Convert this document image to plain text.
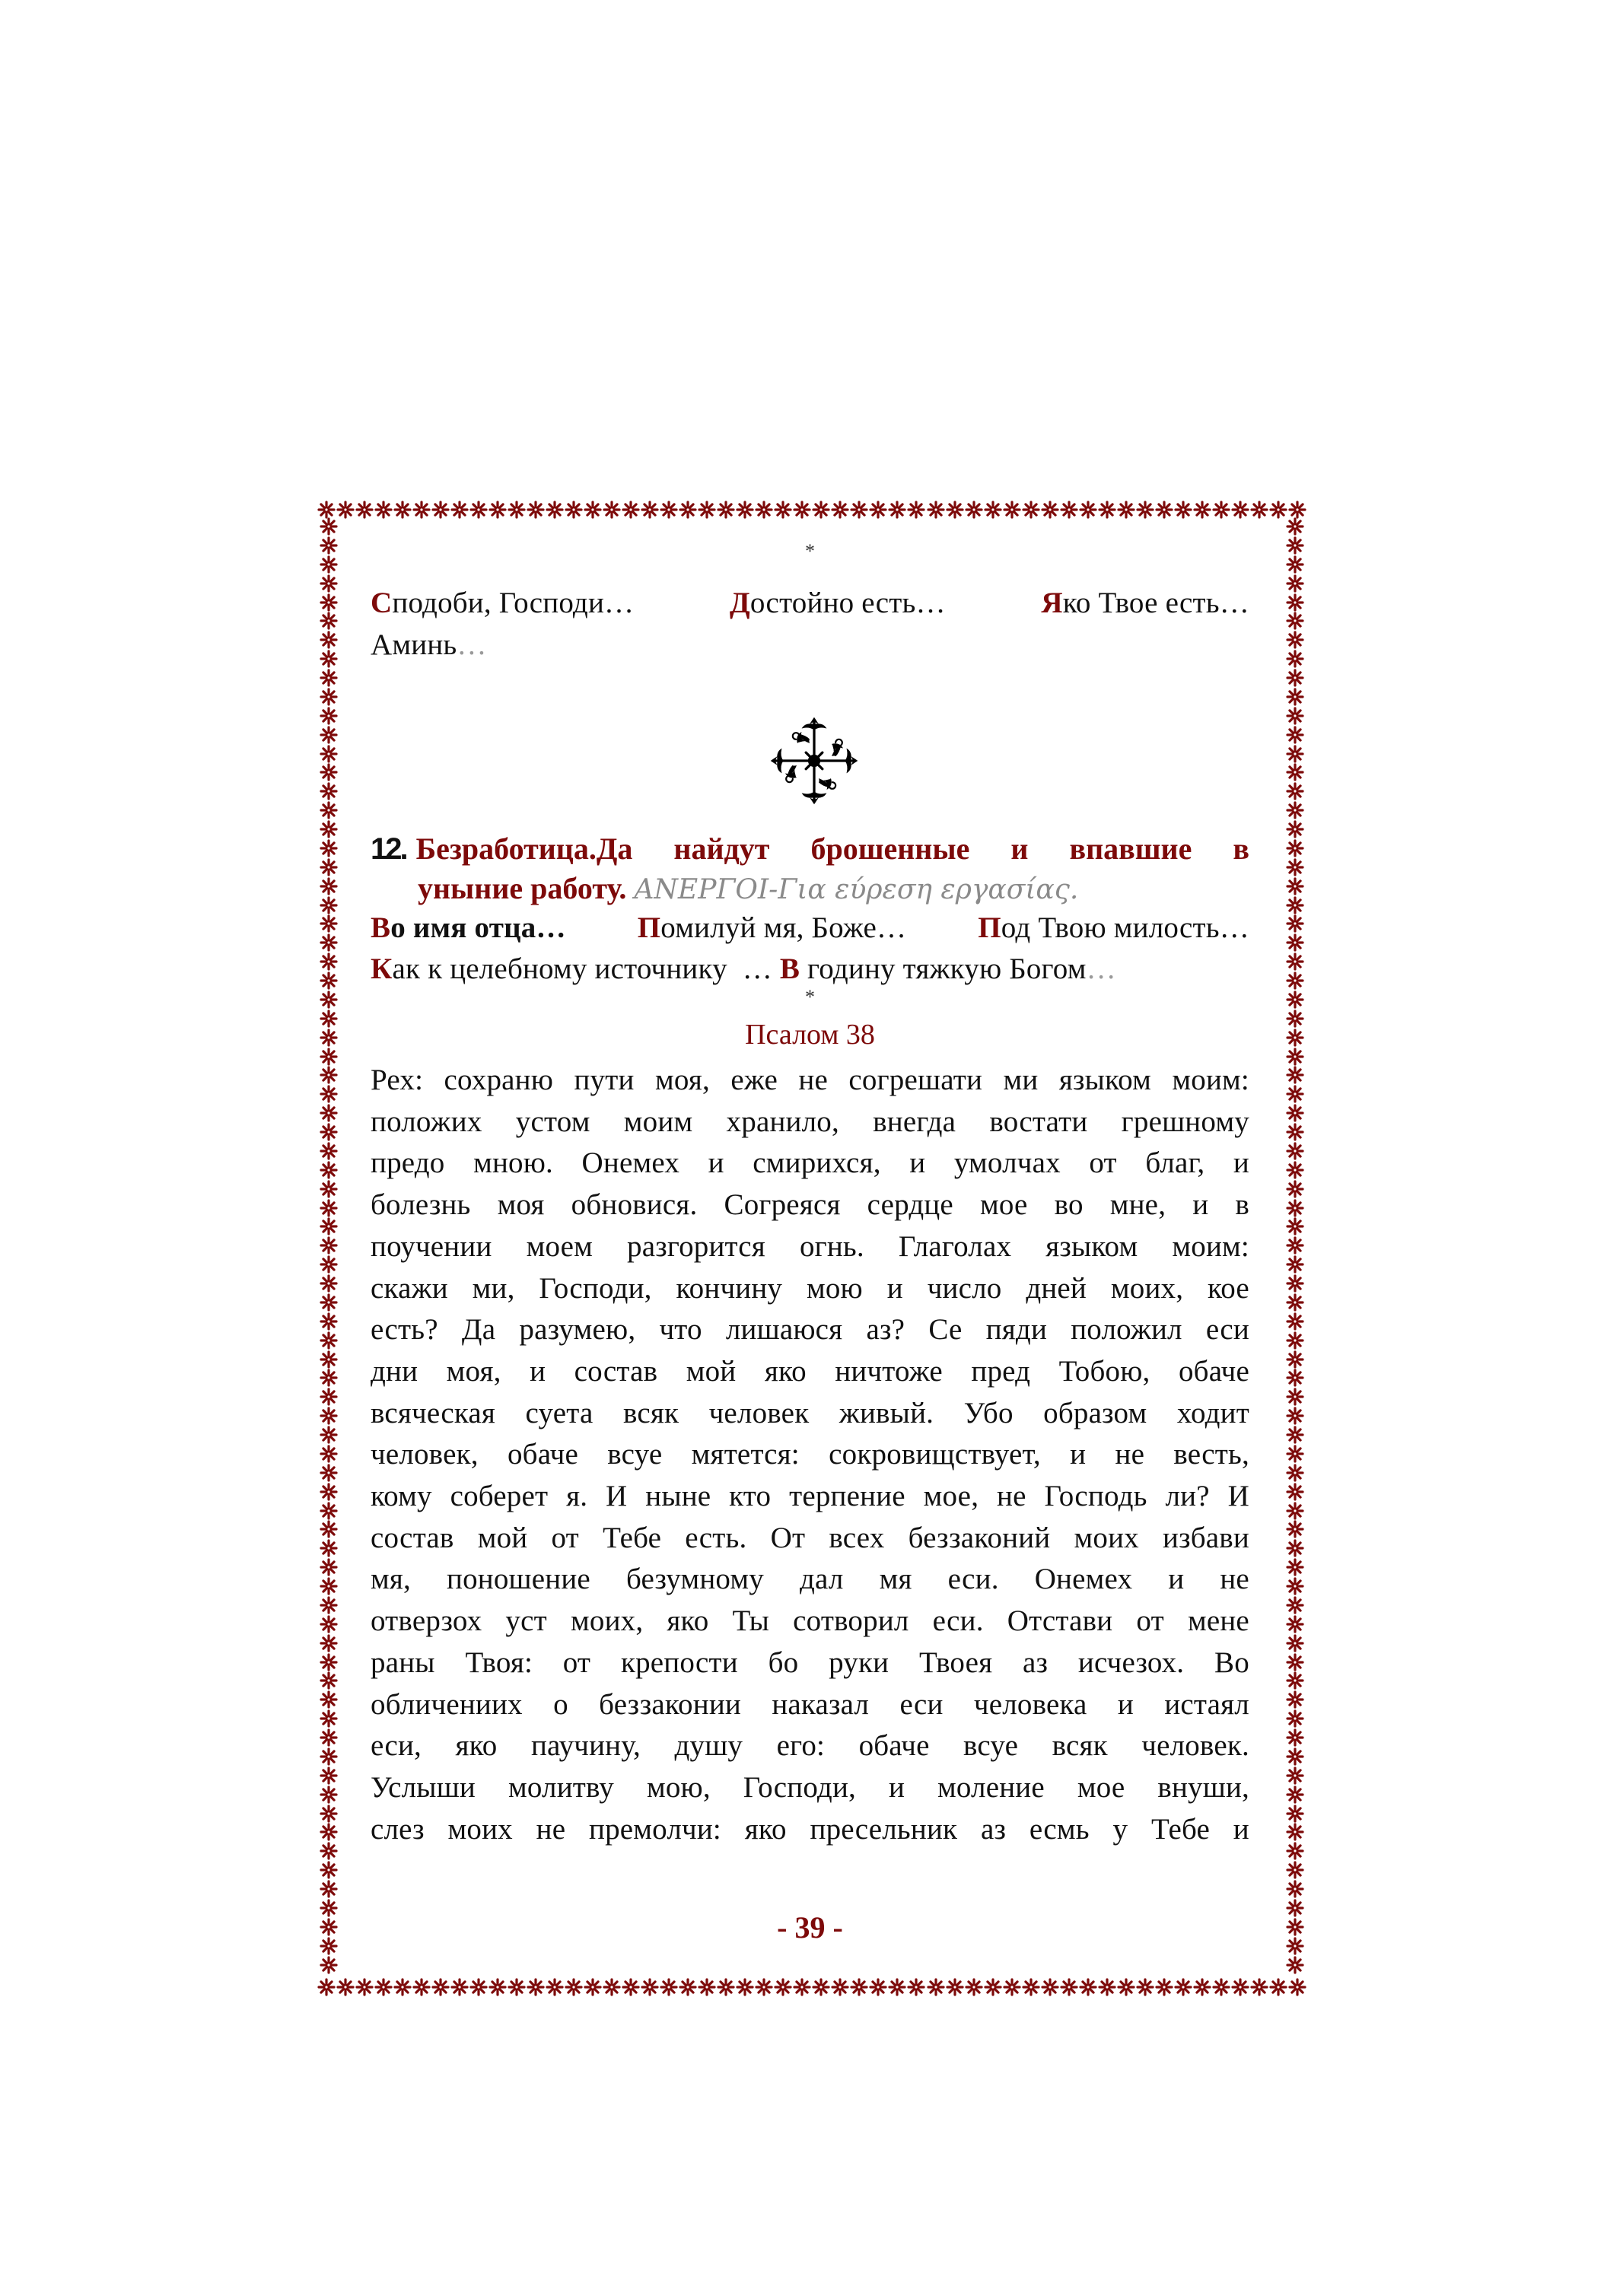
*
Сподоби, Господи…	Достойно есть…	Яко Твое есть…
Аминь…
12. Безработица.Да найдут брошенные и впавшие в
уныние работу. ΑΝΕΡΓΟΙ-Για εύρεση εργασίας.
Во имя отца… Помилуй мя, Боже… Под Твою милость…
Как к целебному источнику  … В годину тяжкую Богом…
*
Псалом 38
Рех: сохраню пути моя, еже не согрешати ми языком моим:
положих устом моим хранило, внегда востати грешному
предо мною. Онемех и смирихся, и умолчах от благ, и
болезнь моя обновися. Согреяся сердце мое во мне, и в
поучении моем разгорится огнь. Глаголах языком моим:
скажи ми, Господи, кончину мою и число дней моих, кое
есть? Да разумею, что лишаюся аз? Се пяди положил еси
дни моя, и состав мой яко ничтоже пред Тобою, обаче
всяческая суета всяк человек живый. Убо образом ходит
человек, обаче всуе мятется: сокровищствует, и не весть,
кому соберет я. И ныне кто терпение мое, не Господь ли? И
состав мой от Тебе есть. От всех беззаконий моих избави
мя, поношение безумному дал мя еси. Онемех и не
отверзох уст моих, яко Ты сотворил еси. Отстави от мене
раны Твоя: от крепости бо руки Твоея аз исчезох. Во
обличениих о беззаконии наказал еси человека и истаял
еси, яко паучину, душу его: обаче всуе всяк человек.
Услыши молитву мою, Господи, и моление мое внуши,
слез моих не премолчи: яко пресельник аз есмь у Тебе и
- 39 -
